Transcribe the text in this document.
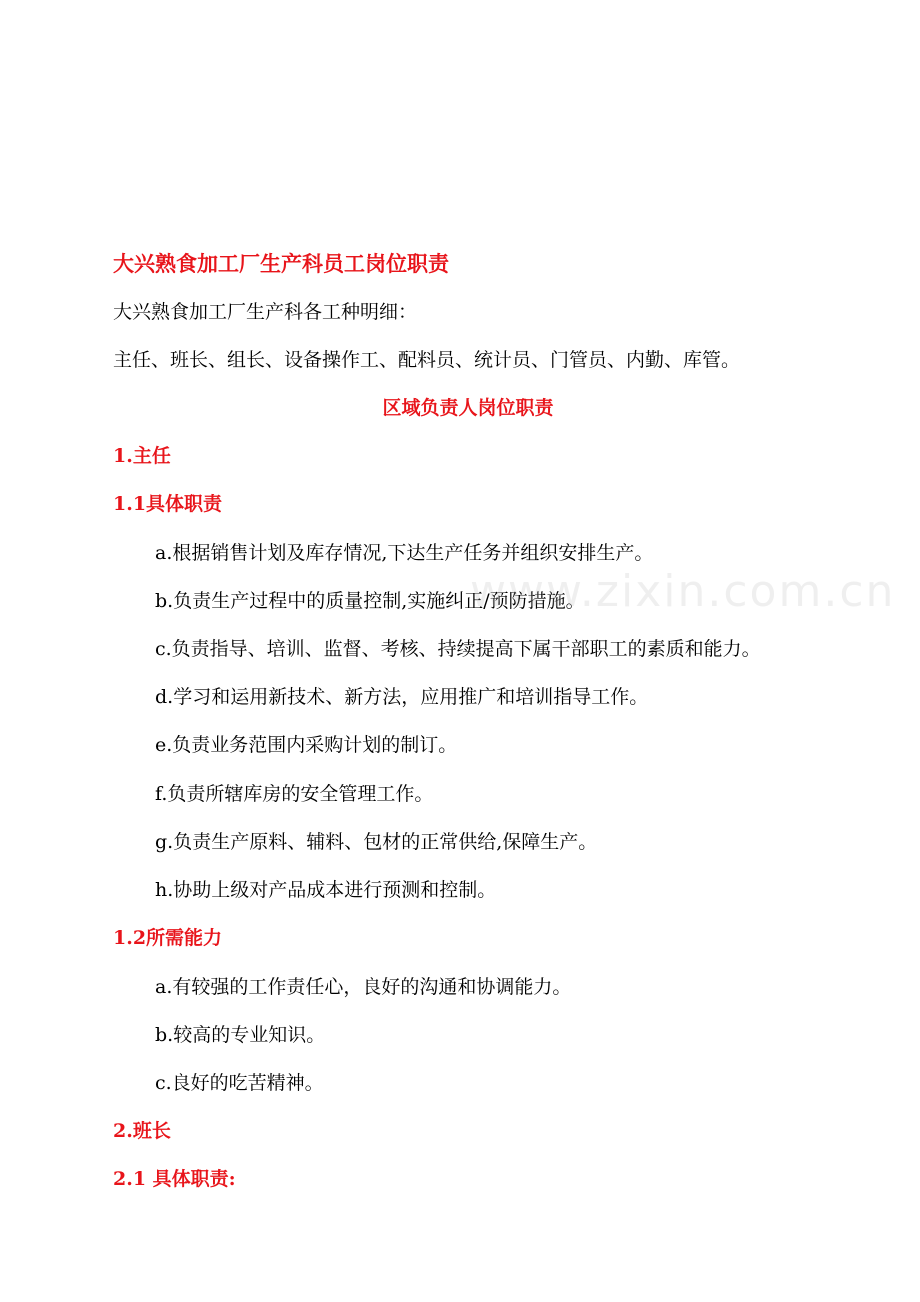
大兴熟食加工厂生产科员工岗位职责
大兴熟食加工厂生产科各工种明细：
主任、班长、组长、设备操作工、配料员、统计员、门管员、内勤、库管。
区域负责人岗位职责
1.主任
1.1具体职责
a.根据销售计划及库存情况,下达生产任务并组织安排生产。
b.负责生产过程中的质量控制,实施纠正/预防措施。
c.负责指导、培训、监督、考核、持续提高下属干部职工的素质和能力。
d.学习和运用新技术、新方法，应用推广和培训指导工作。
e.负责业务范围内采购计划的制订。
f.负责所辖库房的安全管理工作。
g.负责生产原料、辅料、包材的正常供给,保障生产。
h.协助上级对产品成本进行预测和控制。
1.2所需能力
a.有较强的工作责任心，良好的沟通和协调能力。
b.较高的专业知识。
c.良好的吃苦精神。
2.班长
2.1 具体职责:
www.zixin.com.cn
